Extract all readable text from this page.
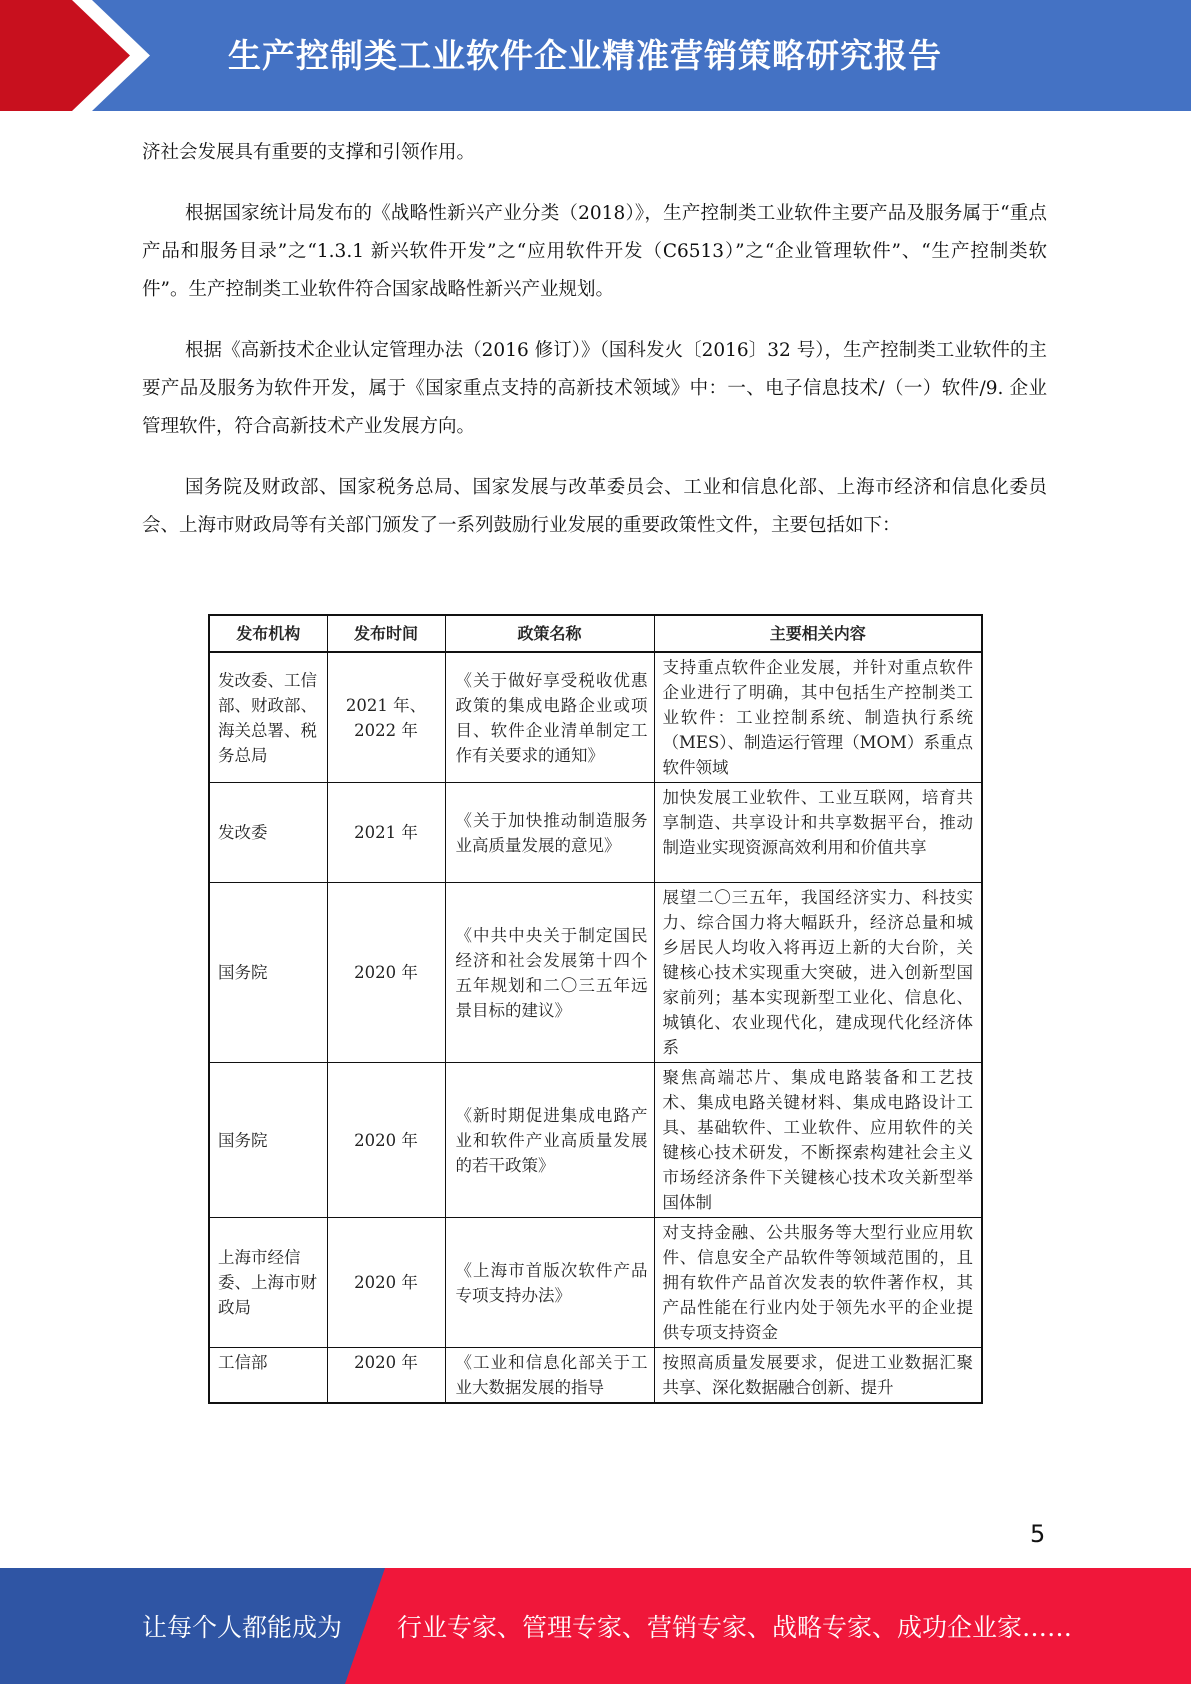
生产控制类工业软件企业精准营销策略研究报告

济社会发展具有重要的支撑和引领作用。

根据国家统计局发布的《战略性新兴产业分类（2018）》，生产控制类工业软件主要产品及服务属于“重点产品和服务目录”之“1.3.1 新兴软件开发”之“应用软件开发（C6513）”之“企业管理软件”、“生产控制类软件”。生产控制类工业软件符合国家战略性新兴产业规划。

根据《高新技术企业认定管理办法（2016 修订）》（国科发火〔2016〕32 号），生产控制类工业软件的主要产品及服务为软件开发，属于《国家重点支持的高新技术领域》中：一、电子信息技术/（一）软件/9. 企业管理软件，符合高新技术产业发展方向。

国务院及财政部、国家税务总局、国家发展与改革委员会、工业和信息化部、上海市经济和信息化委员会、上海市财政局等有关部门颁发了一系列鼓励行业发展的重要政策性文件，主要包括如下：

发布机构	发布时间	政策名称	主要相关内容
发改委、工信部、财政部、海关总署、税务总局	2021 年、2022 年	《关于做好享受税收优惠政策的集成电路企业或项目、软件企业清单制定工作有关要求的通知》	支持重点软件企业发展，并针对重点软件企业进行了明确，其中包括生产控制类工业软件：工业控制系统、制造执行系统 （MES）、制造运行管理（MOM）系重点软件领域
发改委	2021 年	《关于加快推动制造服务业高质量发展的意见》	加快发展工业软件、工业互联网，培育共享制造、共享设计和共享数据平台，推动制造业实现资源高效利用和价值共享
国务院	2020 年	《中共中央关于制定国民经济和社会发展第十四个五年规划和二〇三五年远景目标的建议》	展望二〇三五年，我国经济实力、科技实力、综合国力将大幅跃升，经济总量和城乡居民人均收入将再迈上新的大台阶，关键核心技术实现重大突破，进入创新型国家前列；基本实现新型工业化、信息化、城镇化、农业现代化，建成现代化经济体系
国务院	2020 年	《新时期促进集成电路产业和软件产业高质量发展的若干政策》	聚焦高端芯片、集成电路装备和工艺技术、集成电路关键材料、集成电路设计工具、基础软件、工业软件、应用软件的关键核心技术研发，不断探索构建社会主义市场经济条件下关键核心技术攻关新型举国体制
上海市经信委、上海市财政局	2020 年	《上海市首版次软件产品专项支持办法》	对支持金融、公共服务等大型行业应用软件、信息安全产品软件等领域范围的，且拥有软件产品首次发表的软件著作权，其产品性能在行业内处于领先水平的企业提供专项支持资金

工信部	2020 年	《工业和信息化部关于工业大数据发展的指导	按照高质量发展要求，促进工业数据汇聚共享、深化数据融合创新、提升
5
让每个人都能成为 行业专家、管理专家、营销专家、战略专家、成功企业家……
